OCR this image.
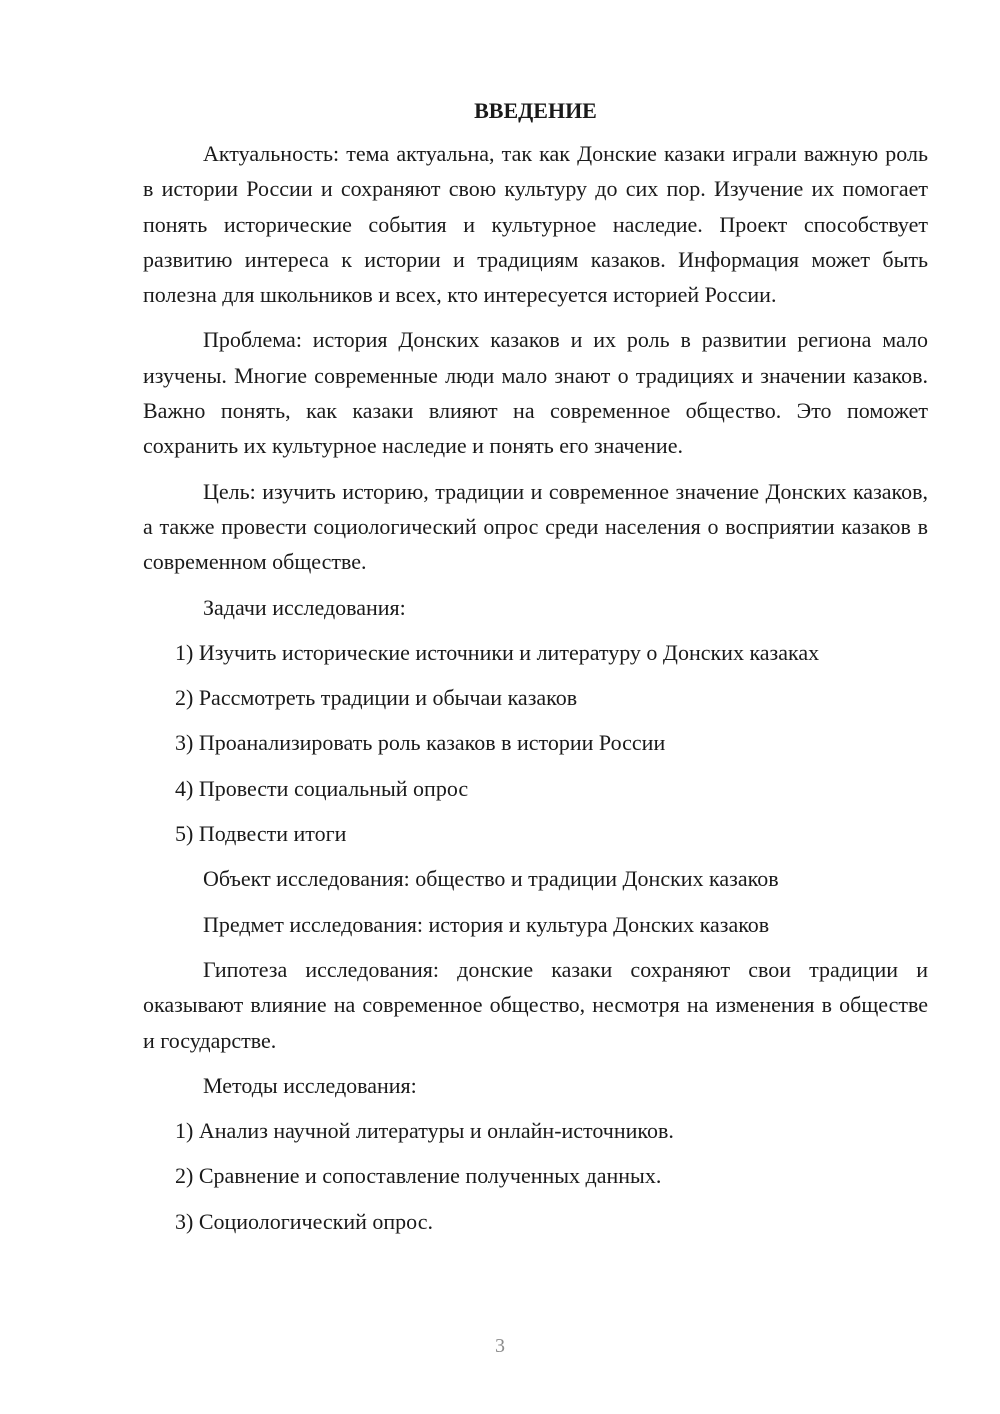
ВВЕДЕНИЕ

Актуальность: тема актуальна, так как Донские казаки играли важную роль в истории России и сохраняют свою культуру до сих пор. Изучение их помогает понять исторические события и культурное наследие. Проект способствует развитию интереса к истории и традициям казаков. Информация может быть полезна для школьников и всех, кто интересуется историей России.

Проблема: история Донских казаков и их роль в развитии региона мало изучены. Многие современные люди мало знают о традициях и значении казаков. Важно понять, как казаки влияют на современное общество. Это поможет сохранить их культурное наследие и понять его значение.

Цель: изучить историю, традиции и современное значение Донских казаков, а также провести социологический опрос среди населения о восприятии казаков в современном обществе.

Задачи исследования:

1) Изучить исторические источники и литературу о Донских казаках

2) Рассмотреть традиции и обычаи казаков

3) Проанализировать роль казаков в истории России

4) Провести социальный опрос

5) Подвести итоги

Объект исследования: общество и традиции Донских казаков

Предмет исследования: история и культура Донских казаков

Гипотеза исследования: донские казаки сохраняют свои традиции и оказывают влияние на современное общество, несмотря на изменения в обществе и государстве.

Методы исследования:

1) Анализ научной литературы и онлайн-источников.

2) Сравнение и сопоставление полученных данных.

3) Социологический опрос.

3
